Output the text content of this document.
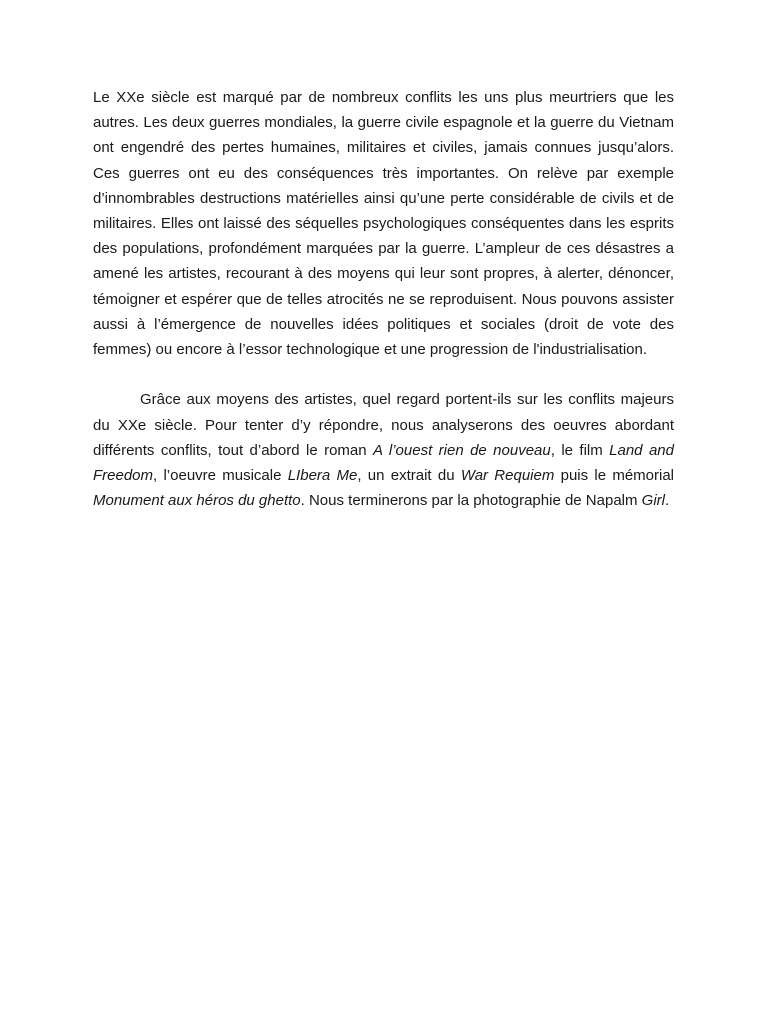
Le XXe siècle est marqué par de nombreux conflits les uns plus meurtriers que les autres. Les deux guerres mondiales, la guerre civile espagnole et la guerre du Vietnam ont engendré des pertes humaines, militaires et civiles, jamais connues jusqu’alors. Ces guerres ont eu des conséquences très importantes. On relève par exemple d’innombrables destructions matérielles ainsi qu’une perte considérable de civils et de militaires. Elles ont laissé des séquelles psychologiques conséquentes dans les esprits des populations, profondément marquées par la guerre. L’ampleur de ces désastres a amené les artistes, recourant à des moyens qui leur sont propres, à alerter, dénoncer, témoigner et espérer que de telles atrocités ne se reproduisent. Nous pouvons assister aussi à l’émergence de nouvelles idées politiques et sociales (droit de vote des femmes) ou encore à l’essor technologique et une progression de l'industrialisation.

Grâce aux moyens des artistes, quel regard portent-ils sur les conflits majeurs du XXe siècle. Pour tenter d’y répondre, nous analyserons des oeuvres abordant différents conflits, tout d’abord le roman A l’ouest rien de nouveau, le film Land and Freedom, l’oeuvre musicale LIbera Me, un extrait du War Requiem puis le mémorial Monument aux héros du ghetto. Nous terminerons par la photographie de Napalm Girl.
